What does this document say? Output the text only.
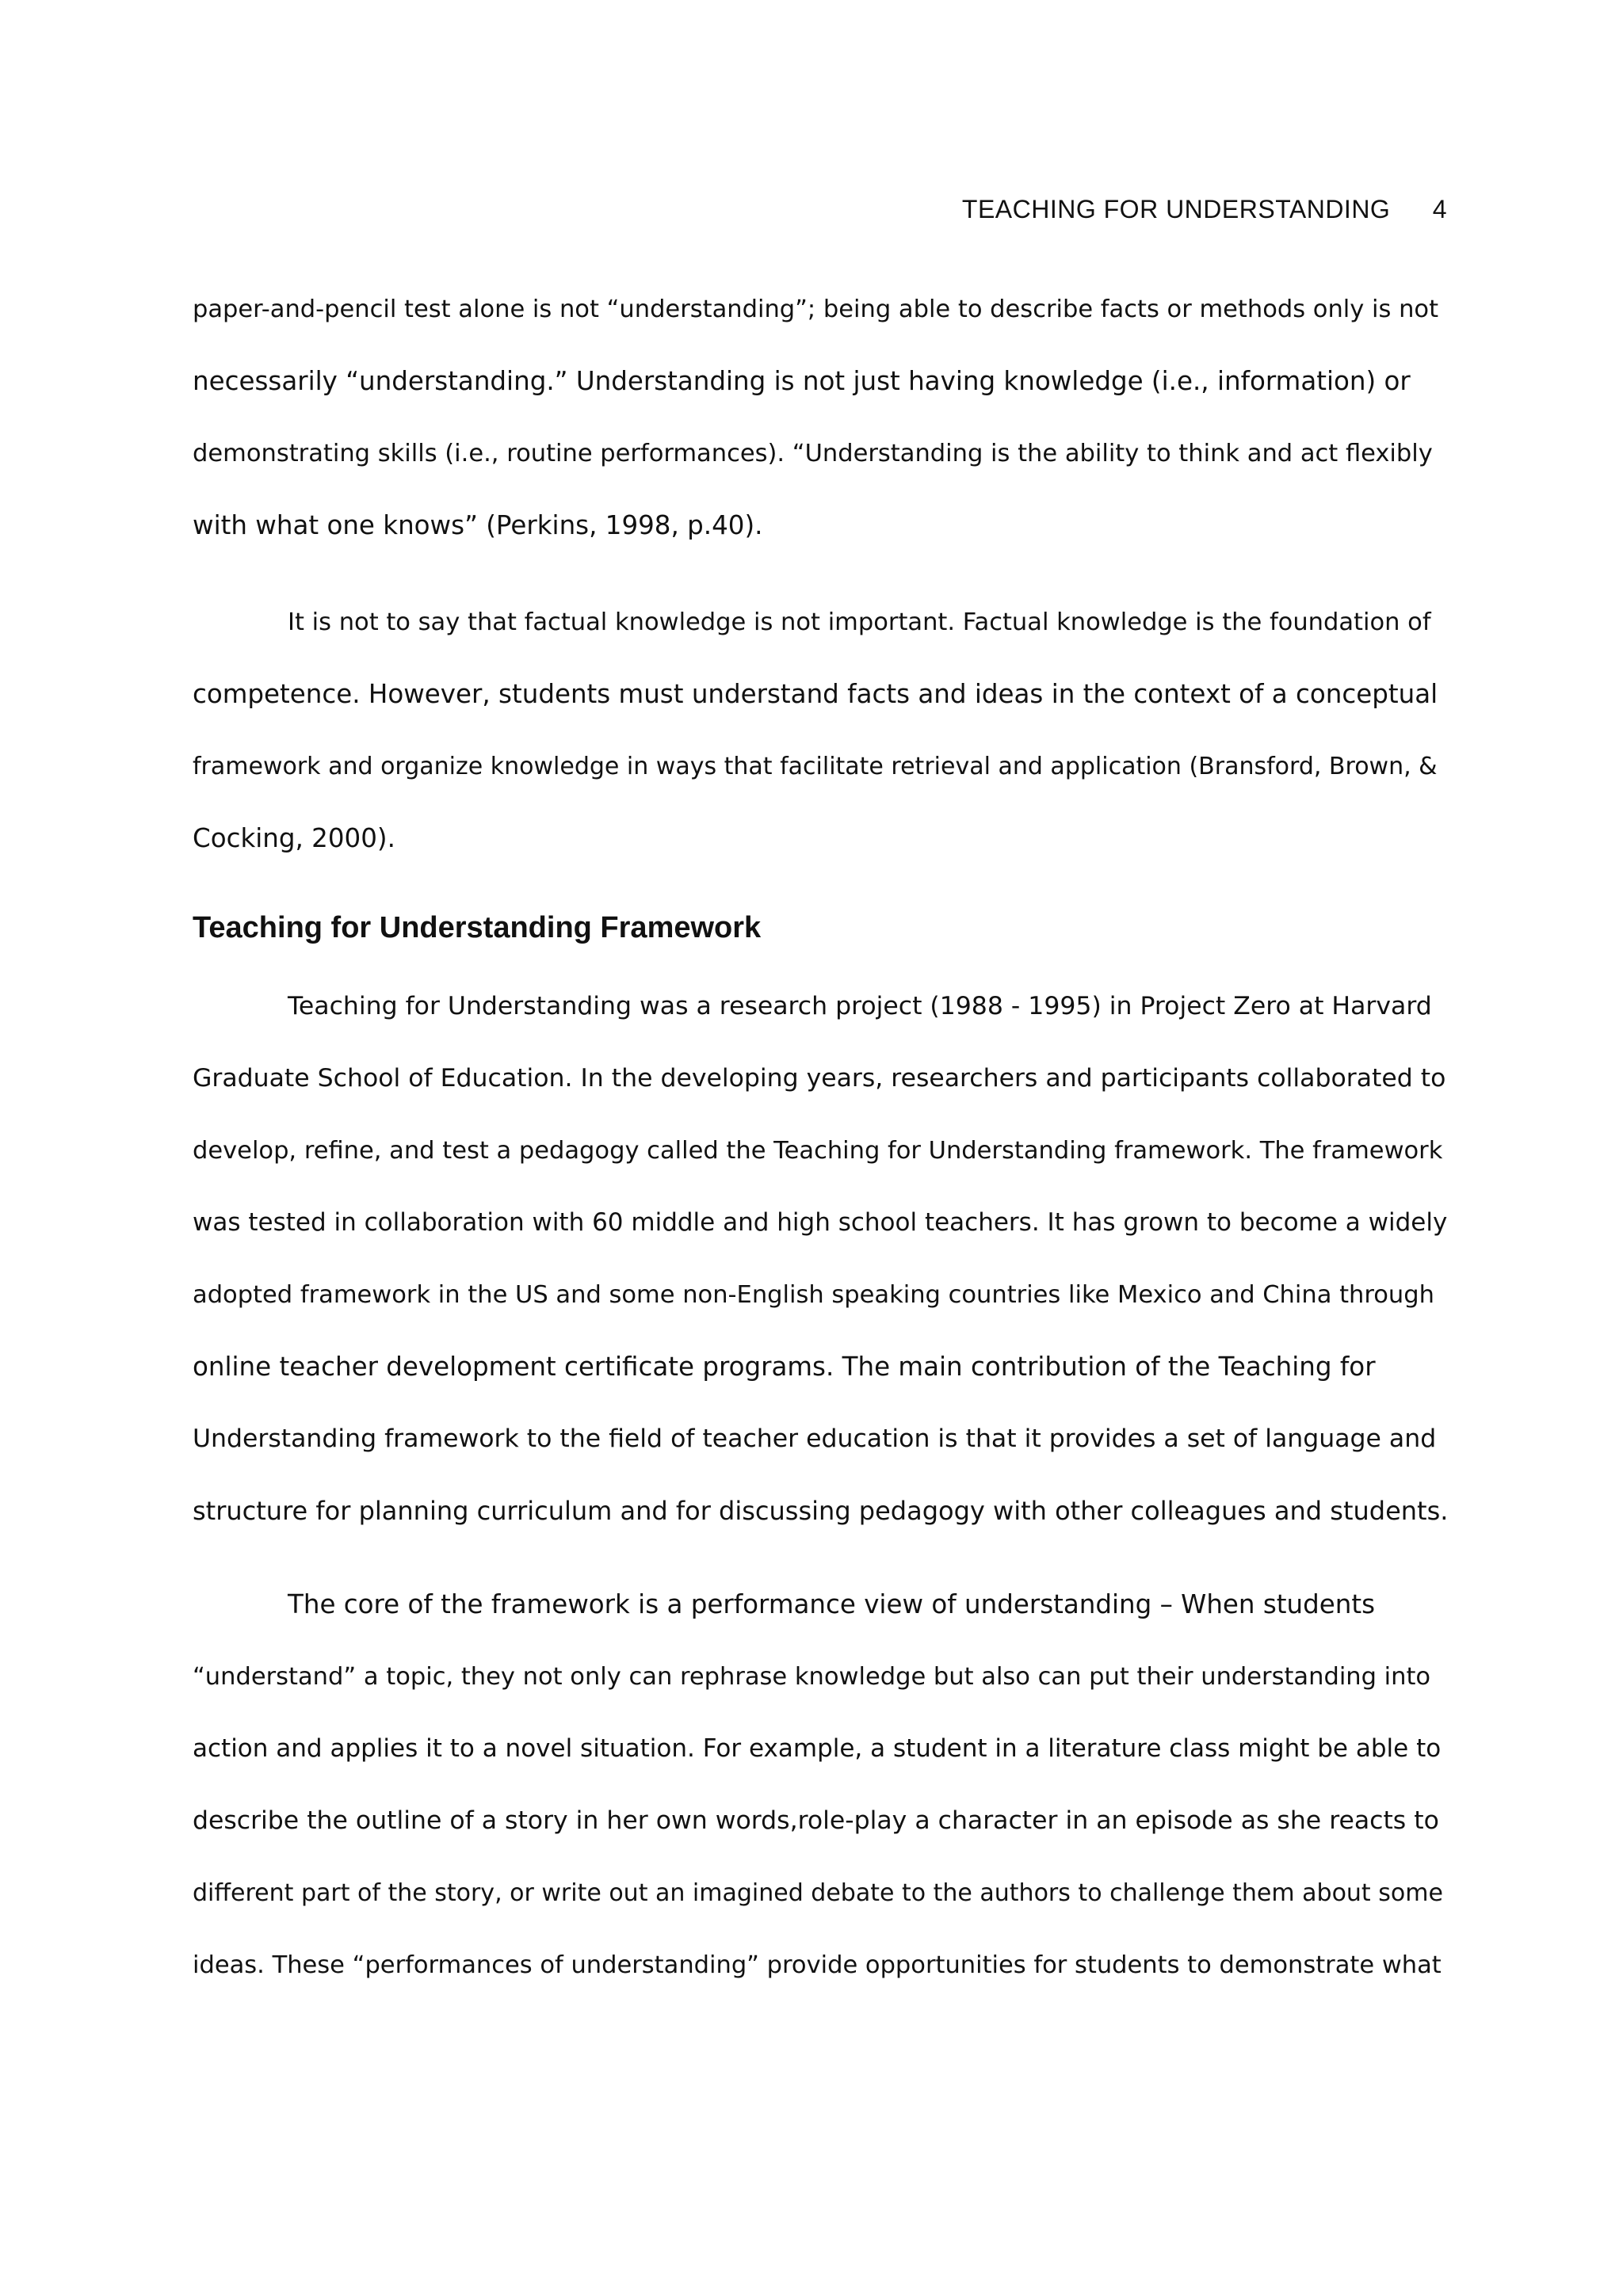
TEACHING FOR UNDERSTANDING 4
paper-and-pencil test alone is not “understanding”; being able to describe facts or methods only is not
necessarily “understanding.” Understanding is not just having knowledge (i.e., information) or
demonstrating skills (i.e., routine performances). “Understanding is the ability to think and act flexibly
with what one knows” (Perkins, 1998, p.40).
It is not to say that factual knowledge is not important. Factual knowledge is the foundation of
competence. However, students must understand facts and ideas in the context of a conceptual
framework and organize knowledge in ways that facilitate retrieval and application (Bransford, Brown, &
Cocking, 2000).
Teaching for Understanding Framework
Teaching for Understanding was a research project (1988 - 1995) in Project Zero at Harvard
Graduate School of Education. In the developing years, researchers and participants collaborated to
develop, refine, and test a pedagogy called the Teaching for Understanding framework. The framework
was tested in collaboration with 60 middle and high school teachers. It has grown to become a widely
adopted framework in the US and some non-English speaking countries like Mexico and China through
online teacher development certificate programs. The main contribution of the Teaching for
Understanding framework to the field of teacher education is that it provides a set of language and
structure for planning curriculum and for discussing pedagogy with other colleagues and students.
The core of the framework is a performance view of understanding – When students
“understand” a topic, they not only can rephrase knowledge but also can put their understanding into
action and applies it to a novel situation. For example, a student in a literature class might be able to
describe the outline of a story in her own words,role-play a character in an episode as she reacts to
different part of the story, or write out an imagined debate to the authors to challenge them about some
ideas. These “performances of understanding” provide opportunities for students to demonstrate what
